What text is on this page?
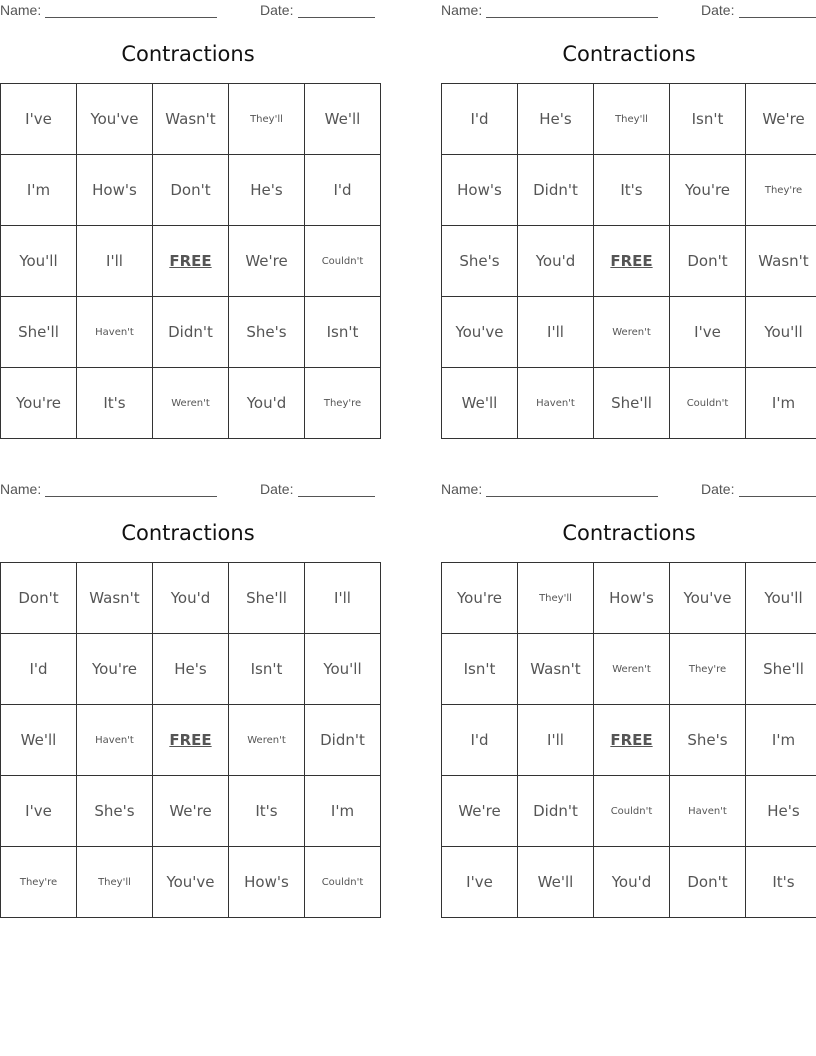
Name:	Date:
Contractions
I've	You've	Wasn't	They'll	We'll
I'm	How's	Don't	He's	I'd
You'll	I'll	FREE	We're	Couldn't
She'll	Haven't	Didn't	She's	Isn't
You're	It's	Weren't	You'd	They're
Name:	Date:
Contractions
I'd	He's	They'll	Isn't	We're
How's	Didn't	It's	You're	They're
She's	You'd	FREE	Don't	Wasn't
You've	I'll	Weren't	I've	You'll
We'll	Haven't	She'll	Couldn't	I'm
Name:	Date:
Contractions
Don't	Wasn't	You'd	She'll	I'll
I'd	You're	He's	Isn't	You'll
We'll	Haven't	FREE	Weren't	Didn't
I've	She's	We're	It's	I'm
They're	They'll	You've	How's	Couldn't
Name:	Date:
Contractions
You're	They'll	How's	You've	You'll
Isn't	Wasn't	Weren't	They're	She'll
I'd	I'll	FREE	She's	I'm
We're	Didn't	Couldn't	Haven't	He's
I've	We'll	You'd	Don't	It's
